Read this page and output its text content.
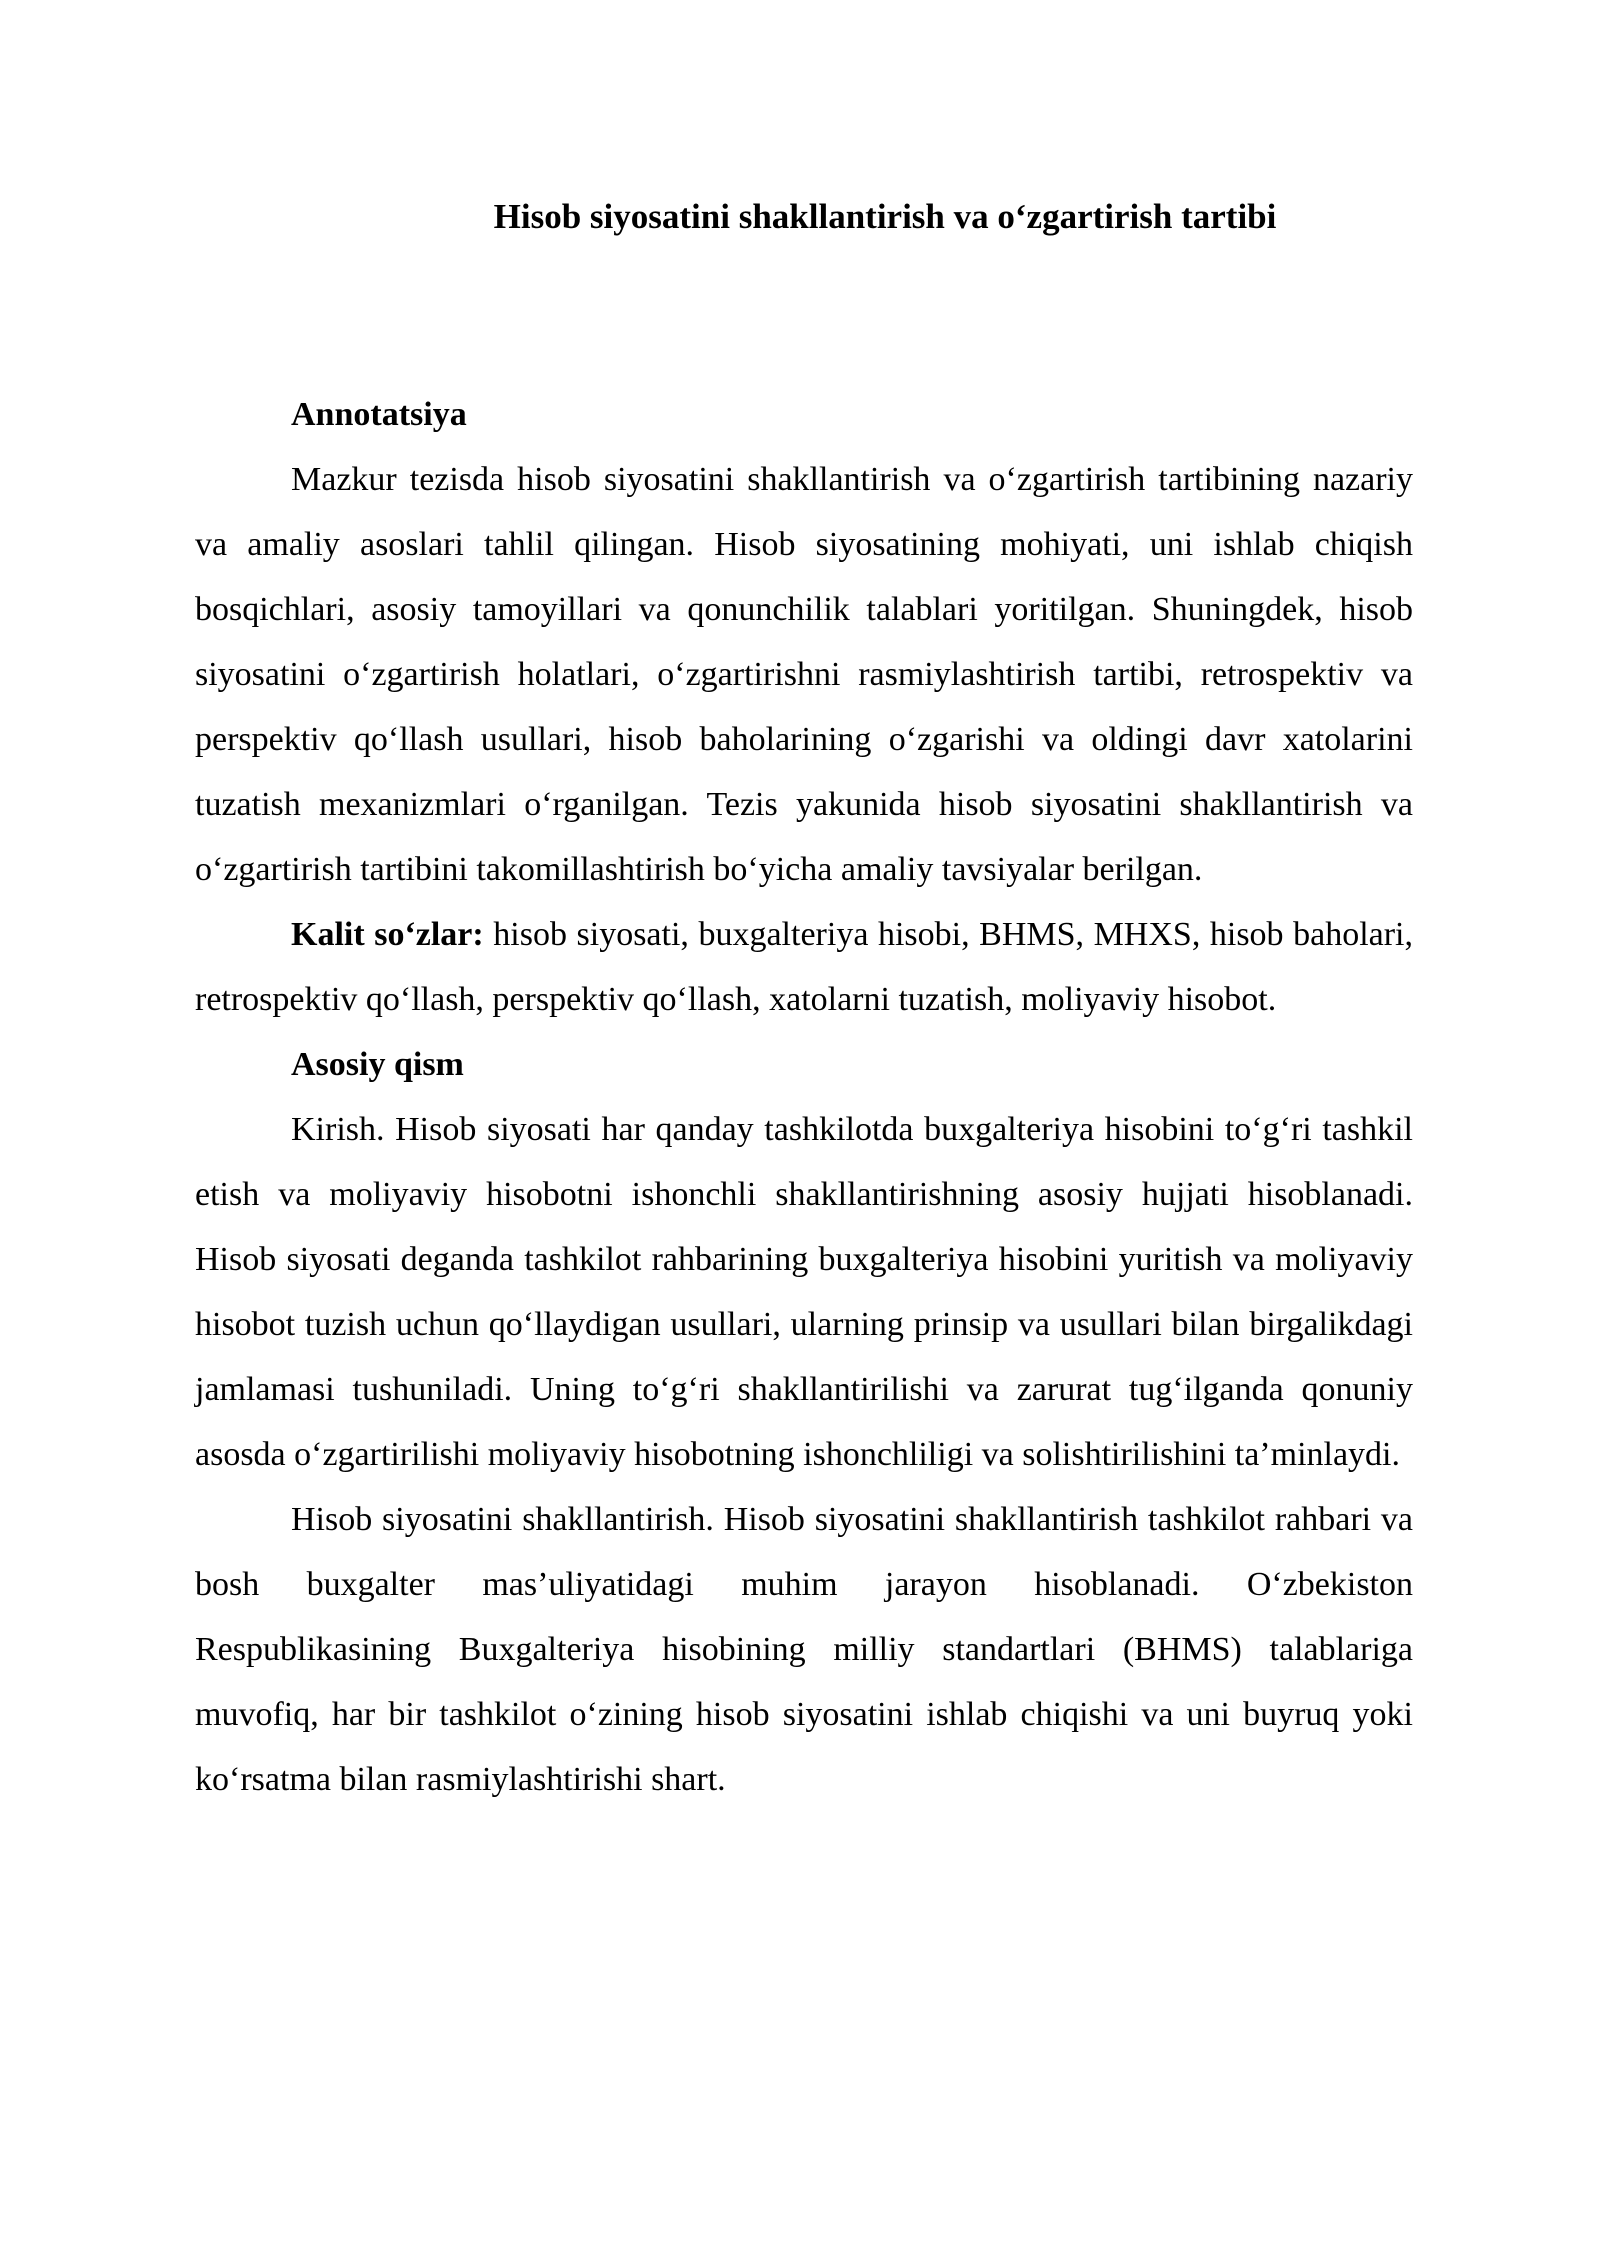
Hisob siyosatini shakllantirish va o‘zgartirish tartibi
Annotatsiya

Mazkur tezisda hisob siyosatini shakllantirish va o‘zgartirish tartibining nazariy va amaliy asoslari tahlil qilingan. Hisob siyosatining mohiyati, uni ishlab chiqish bosqichlari, asosiy tamoyillari va qonunchilik talablari yoritilgan. Shuningdek, hisob siyosatini o‘zgartirish holatlari, o‘zgartirishni rasmiylashtirish tartibi, retrospektiv va perspektiv qo‘llash usullari, hisob baholarining o‘zgarishi va oldingi davr xatolarini tuzatish mexanizmlari o‘rganilgan. Tezis yakunida hisob siyosatini shakllantirish va o‘zgartirish tartibini takomillashtirish bo‘yicha amaliy tavsiyalar berilgan.

Kalit so‘zlar: hisob siyosati, buxgalteriya hisobi, BHMS, MHXS, hisob baholari, retrospektiv qo‘llash, perspektiv qo‘llash, xatolarni tuzatish, moliyaviy hisobot.

Asosiy qism

Kirish. Hisob siyosati har qanday tashkilotda buxgalteriya hisobini to‘g‘ri tashkil etish va moliyaviy hisobotni ishonchli shakllantirishning asosiy hujjati hisoblanadi. Hisob siyosati deganda tashkilot rahbarining buxgalteriya hisobini yuritish va moliyaviy hisobot tuzish uchun qo‘llaydigan usullari, ularning prinsip va usullari bilan birgalikdagi jamlamasi tushuniladi. Uning to‘g‘ri shakllantirilishi va zarurat tug‘ilganda qonuniy asosda o‘zgartirilishi moliyaviy hisobotning ishonchliligi va solishtirilishini ta’minlaydi.

Hisob siyosatini shakllantirish. Hisob siyosatini shakllantirish tashkilot rahbari va bosh buxgalter mas’uliyatidagi muhim jarayon hisoblanadi. O‘zbekiston Respublikasining Buxgalteriya hisobining milliy standartlari (BHMS) talablariga muvofiq, har bir tashkilot o‘zining hisob siyosatini ishlab chiqishi va uni buyruq yoki ko‘rsatma bilan rasmiylashtirishi shart.
